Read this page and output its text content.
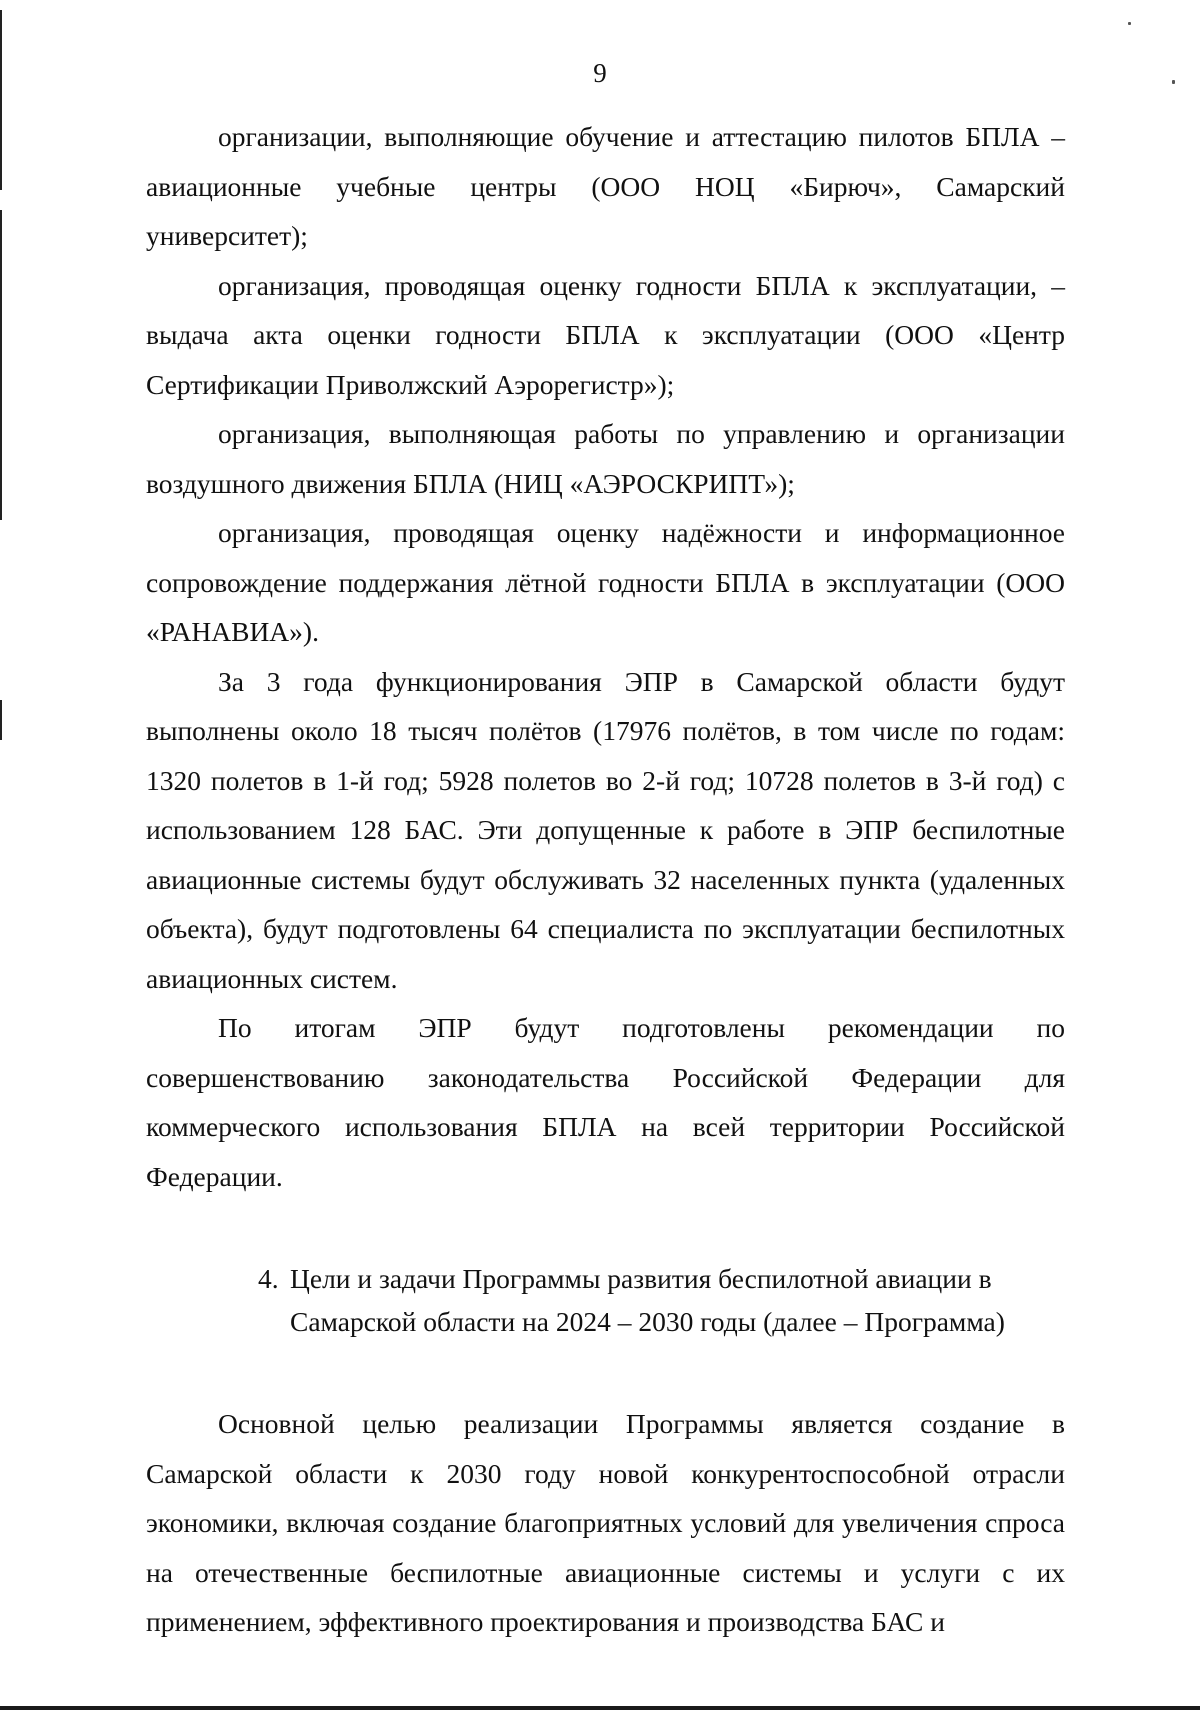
9

организации, выполняющие обучение и аттестацию пилотов БПЛА – авиационные учебные центры (ООО НОЦ «Бирюч», Самарский университет);

организация, проводящая оценку годности БПЛА к эксплуатации, – выдача акта оценки годности БПЛА к эксплуатации (ООО «Центр Сертификации Приволжский Аэрорегистр»);

организация, выполняющая работы по управлению и организации воздушного движения БПЛА (НИЦ «АЭРОСКРИПТ»);

организация, проводящая оценку надёжности и информационное сопровождение поддержания лётной годности БПЛА в эксплуатации (ООО «РАНАВИА»).

За 3 года функционирования ЭПР в Самарской области будут выполнены около 18 тысяч полётов (17976 полётов, в том числе по годам: 1320 полетов в 1-й год; 5928 полетов во 2-й год; 10728 полетов в 3-й год) с использованием 128 БАС. Эти допущенные к работе в ЭПР беспилотные авиационные системы будут обслуживать 32 населенных пункта (удаленных объекта), будут подготовлены 64 специалиста по эксплуатации беспилотных авиационных систем.

По итогам ЭПР будут подготовлены рекомендации по совершенствованию законодательства Российской Федерации для коммерческого использования БПЛА на всей территории Российской Федерации.

4. Цели и задачи Программы развития беспилотной авиации в
Самарской области на 2024 – 2030 годы (далее – Программа)

Основной целью реализации Программы является создание в Самарской области к 2030 году новой конкурентоспособной отрасли экономики, включая создание благоприятных условий для увеличения спроса на отечественные беспилотные авиационные системы и услуги с их применением, эффективного проектирования и производства БАС и
